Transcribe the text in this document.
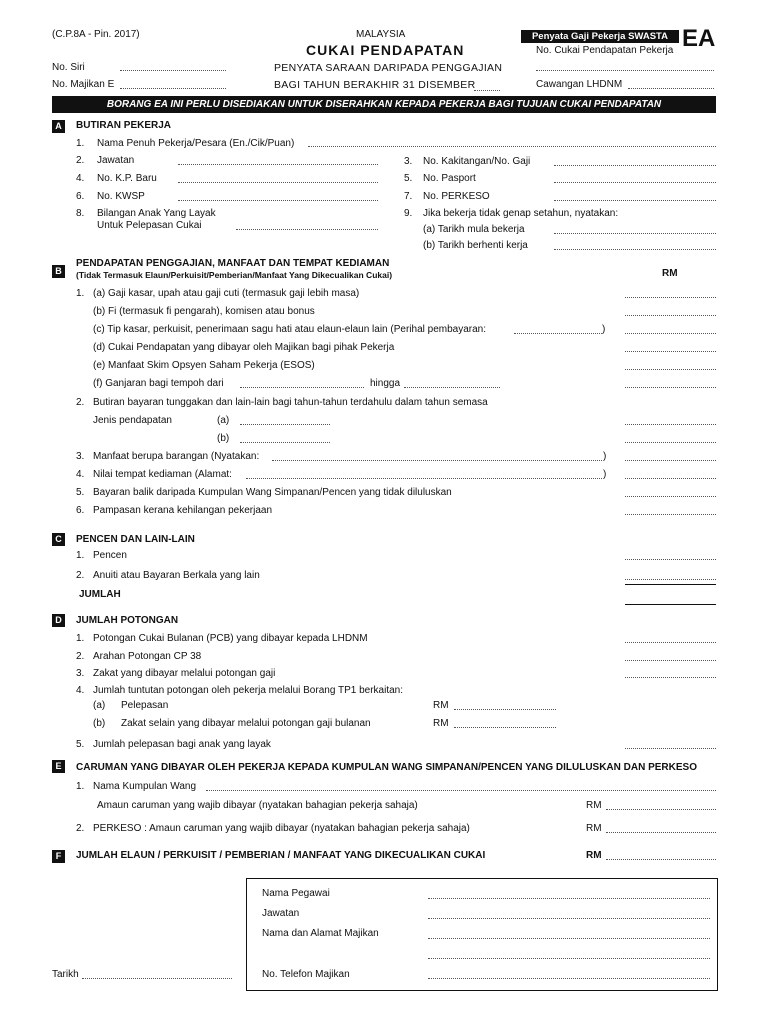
(C.P.8A - Pin. 2017)	MALAYSIA
CUKAI PENDAPATAN
PENYATA SARAAN DARIPADA PENGGAJIAN
BAGI TAHUN BERAKHIR 31 DISEMBER
Penyata Gaji Pekerja SWASTA EA
No. Cukai Pendapatan Pekerja
No. Siri
No. Majikan E	Cawangan LHDNM
BORANG EA INI PERLU DISEDIAKAN UNTUK DISERAHKAN KEPADA PEKERJA BAGI TUJUAN CUKAI PENDAPATAN
A	BUTIRAN PEKERJA
1. Nama Penuh Pekerja/Pesara (En./Cik/Puan)
2. Jawatan	3. No. Kakitangan/No. Gaji
4. No. K.P. Baru	5. No. Pasport
6. No. KWSP	7. No. PERKESO
8. Bilangan Anak Yang Layak
Untuk Pelepasan Cukai
9. Jika bekerja tidak genap setahun, nyatakan:
(a) Tarikh mula bekerja
(b) Tarikh berhenti kerja
B
PENDAPATAN PENGGAJIAN, MANFAAT DAN TEMPAT KEDIAMAN
(Tidak Termasuk Elaun/Perkuisit/Pemberian/Manfaat Yang Dikecualikan Cukai)	RM
1. (a) Gaji kasar, upah atau gaji cuti (termasuk gaji lebih masa)
(b) Fi (termasuk fi pengarah), komisen atau bonus
(c) Tip kasar, perkuisit, penerimaan sagu hati atau elaun-elaun lain (Perihal pembayaran:	)
(d) Cukai Pendapatan yang dibayar oleh Majikan bagi pihak Pekerja
(e) Manfaat Skim Opsyen Saham Pekerja (ESOS)
(f) Ganjaran bagi tempoh dari	hingga
2. Butiran bayaran tunggakan dan lain-lain bagi tahun-tahun terdahulu dalam tahun semasa
Jenis pendapatan	(a)
(b)
3. Manfaat berupa barangan (Nyatakan:	)
4. Nilai tempat kediaman (Alamat:	)
5. Bayaran balik daripada Kumpulan Wang Simpanan/Pencen yang tidak diluluskan
6. Pampasan kerana kehilangan pekerjaan
C	PENCEN DAN LAIN-LAIN
1. Pencen
2. Anuiti atau Bayaran Berkala yang lain
JUMLAH
D	JUMLAH POTONGAN
1. Potongan Cukai Bulanan (PCB) yang dibayar kepada LHDNM
2. Arahan Potongan CP 38
3. Zakat yang dibayar melalui potongan gaji
4. Jumlah tuntutan potongan oleh pekerja melalui Borang TP1 berkaitan:
(a) Pelepasan	RM
(b) Zakat selain yang dibayar melalui potongan gaji bulanan	RM
5. Jumlah pelepasan bagi anak yang layak
E	CARUMAN YANG DIBAYAR OLEH PEKERJA KEPADA KUMPULAN WANG SIMPANAN/PENCEN YANG DILULUSKAN DAN PERKESO
1. Nama Kumpulan Wang
Amaun caruman yang wajib dibayar (nyatakan bahagian pekerja sahaja)	RM
2. PERKESO : Amaun caruman yang wajib dibayar (nyatakan bahagian pekerja sahaja)	RM
F	JUMLAH ELAUN / PERKUISIT / PEMBERIAN / MANFAAT YANG DIKECUALIKAN CUKAI	RM
Nama Pegawai
Jawatan
Nama dan Alamat Majikan
No. Telefon Majikan
Tarikh
